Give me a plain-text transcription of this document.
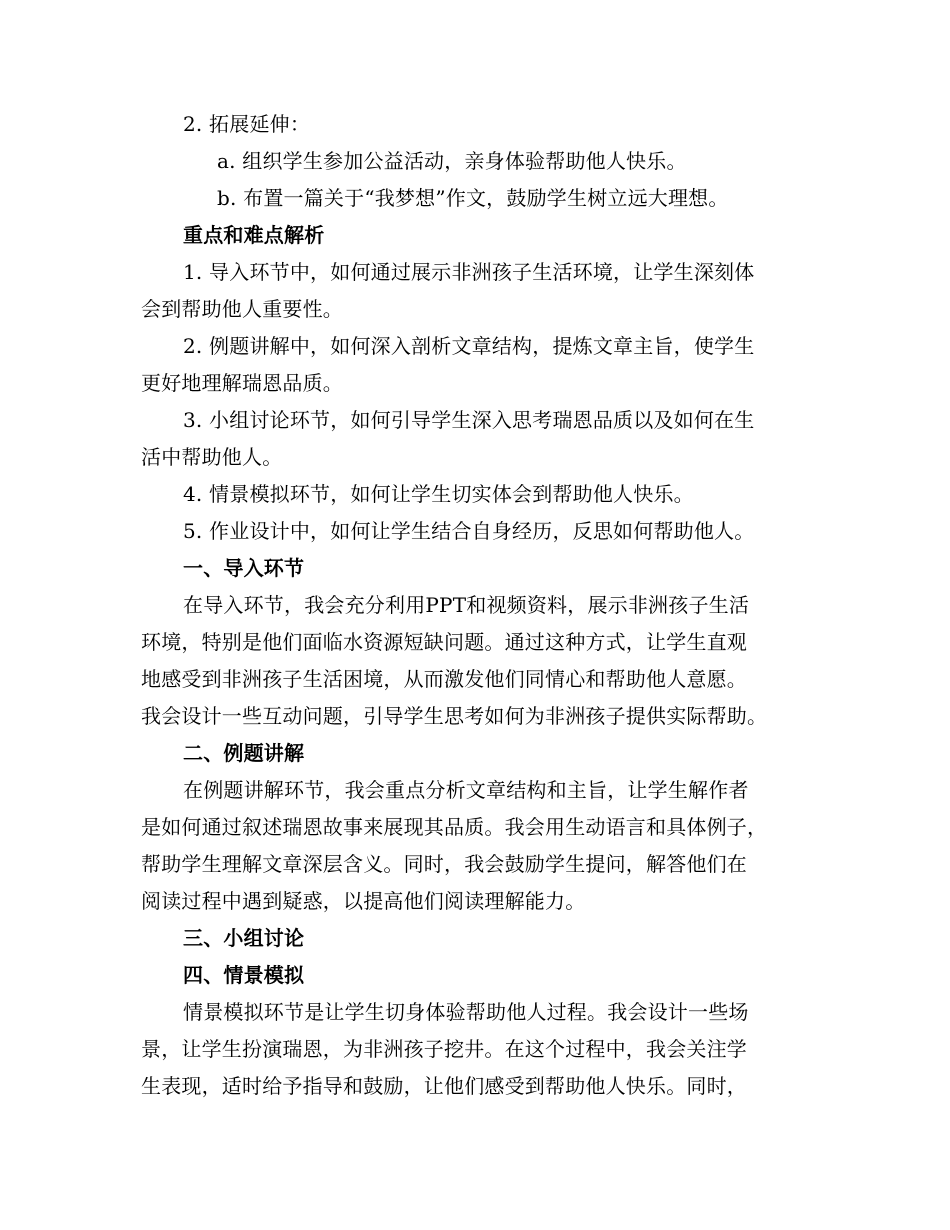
2. 拓展延伸：
a. 组织学生参加公益活动，亲身体验帮助他人快乐。
b. 布置一篇关于“我梦想”作文，鼓励学生树立远大理想。
重点和难点解析
1. 导入环节中，如何通过展示非洲孩子生活环境，让学生深刻体
会到帮助他人重要性。
2. 例题讲解中，如何深入剖析文章结构，提炼文章主旨，使学生
更好地理解瑞恩品质。
3. 小组讨论环节，如何引导学生深入思考瑞恩品质以及如何在生
活中帮助他人。
4. 情景模拟环节，如何让学生切实体会到帮助他人快乐。
5. 作业设计中，如何让学生结合自身经历，反思如何帮助他人。
一、导入环节
在导入环节，我会充分利用PPT和视频资料，展示非洲孩子生活
环境，特别是他们面临水资源短缺问题。通过这种方式，让学生直观
地感受到非洲孩子生活困境，从而激发他们同情心和帮助他人意愿。
我会设计一些互动问题，引导学生思考如何为非洲孩子提供实际帮助。
二、例题讲解
在例题讲解环节，我会重点分析文章结构和主旨，让学生解作者
是如何通过叙述瑞恩故事来展现其品质。我会用生动语言和具体例子，
帮助学生理解文章深层含义。同时，我会鼓励学生提问，解答他们在
阅读过程中遇到疑惑，以提高他们阅读理解能力。
三、小组讨论
四、情景模拟
情景模拟环节是让学生切身体验帮助他人过程。我会设计一些场
景，让学生扮演瑞恩，为非洲孩子挖井。在这个过程中，我会关注学
生表现，适时给予指导和鼓励，让他们感受到帮助他人快乐。同时，
